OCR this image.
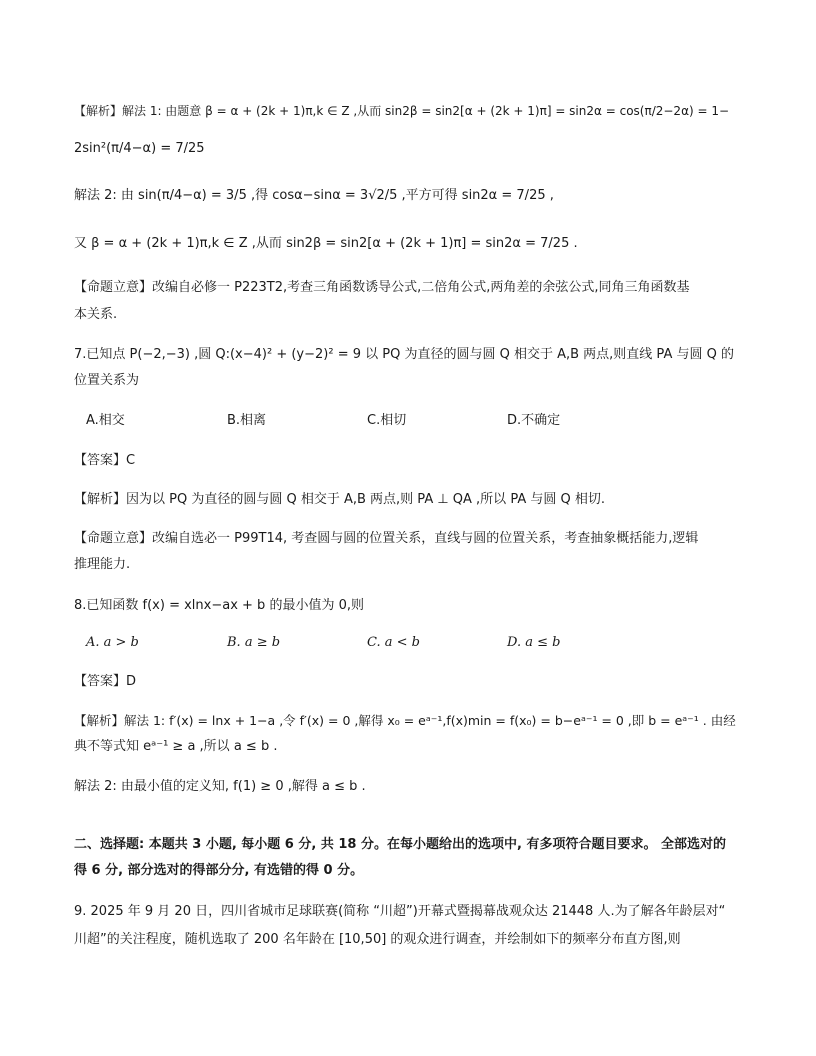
【解析】解法 1: 由题意 β = α + (2k + 1)π,k ∈ Z ,从而 sin2β = sin2[α + (2k + 1)π] = sin2α = cos(π/2−2α) = 1−
2sin²(π/4−α) = 7/25
解法 2: 由 sin(π/4−α) = 3/5 ,得 cosα−sinα = 3√2/5 ,平方可得 sin2α = 7/25 ,
又 β = α + (2k + 1)π,k ∈ Z ,从而 sin2β = sin2[α + (2k + 1)π] = sin2α = 7/25 .
【命题立意】改编自必修一 P223T2,考查三角函数诱导公式,二倍角公式,两角差的余弦公式,同角三角函数基
本关系.
7.已知点 P(−2,−3) ,圆 Q:(x−4)² + (y−2)² = 9 以 PQ 为直径的圆与圆 Q 相交于 A,B 两点,则直线 PA 与圆 Q 的
位置关系为
A.相交	B.相离	C.相切	D.不确定
【答案】C
【解析】因为以 PQ 为直径的圆与圆 Q 相交于 A,B 两点,则 PA ⊥ QA ,所以 PA 与圆 Q 相切.
【命题立意】改编自选必一 P99T14, 考查圆与圆的位置关系，直线与圆的位置关系，考查抽象概括能力,逻辑
推理能力.
8.已知函数 f(x) = xlnx−ax + b 的最小值为 0,则
A. a > b	B. a ≥ b	C. a < b	D. a ≤ b
【答案】D
【解析】解法 1: f′(x) = lnx + 1−a ,令 f′(x) = 0 ,解得 x₀ = eᵃ⁻¹,f(x)min = f(x₀) = b−eᵃ⁻¹ = 0 ,即 b = eᵃ⁻¹ . 由经
典不等式知 eᵃ⁻¹ ≥ a ,所以 a ≤ b .
解法 2: 由最小值的定义知, f(1) ≥ 0 ,解得 a ≤ b .
二、选择题: 本题共 3 小题, 每小题 6 分, 共 18 分。在每小题给出的选项中, 有多项符合题目要求。 全部选对的
得 6 分, 部分选对的得部分分, 有选错的得 0 分。
9. 2025 年 9 月 20 日，四川省城市足球联赛(简称 “川超”)开幕式暨揭幕战观众达 21448 人.为了解各年龄层对“
川超”的关注程度，随机选取了 200 名年龄在 [10,50] 的观众进行调查，并绘制如下的频率分布直方图,则
